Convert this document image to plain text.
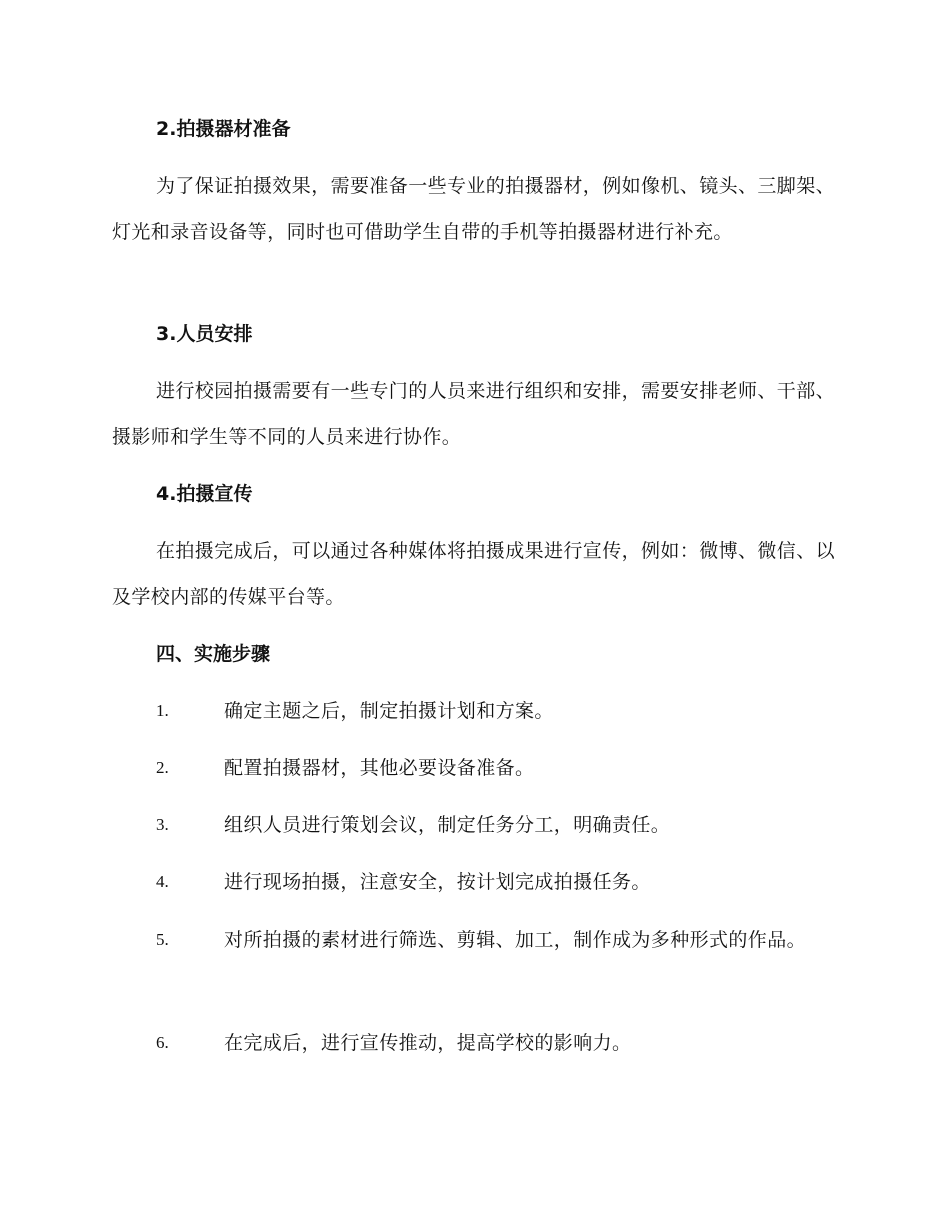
2.拍摄器材准备
为了保证拍摄效果，需要准备一些专业的拍摄器材，例如像机、镜头、三脚架、灯光和录音设备等，同时也可借助学生自带的手机等拍摄器材进行补充。
3.人员安排
进行校园拍摄需要有一些专门的人员来进行组织和安排，需要安排老师、干部、摄影师和学生等不同的人员来进行协作。
4.拍摄宣传
在拍摄完成后，可以通过各种媒体将拍摄成果进行宣传，例如：微博、微信、以及学校内部的传媒平台等。
四、实施步骤
1.	确定主题之后，制定拍摄计划和方案。
2.	配置拍摄器材，其他必要设备准备。
3.	组织人员进行策划会议，制定任务分工，明确责任。
4.	进行现场拍摄，注意安全，按计划完成拍摄任务。
5.	对所拍摄的素材进行筛选、剪辑、加工，制作成为多种形式的作品。
6.	在完成后，进行宣传推动，提高学校的影响力。
